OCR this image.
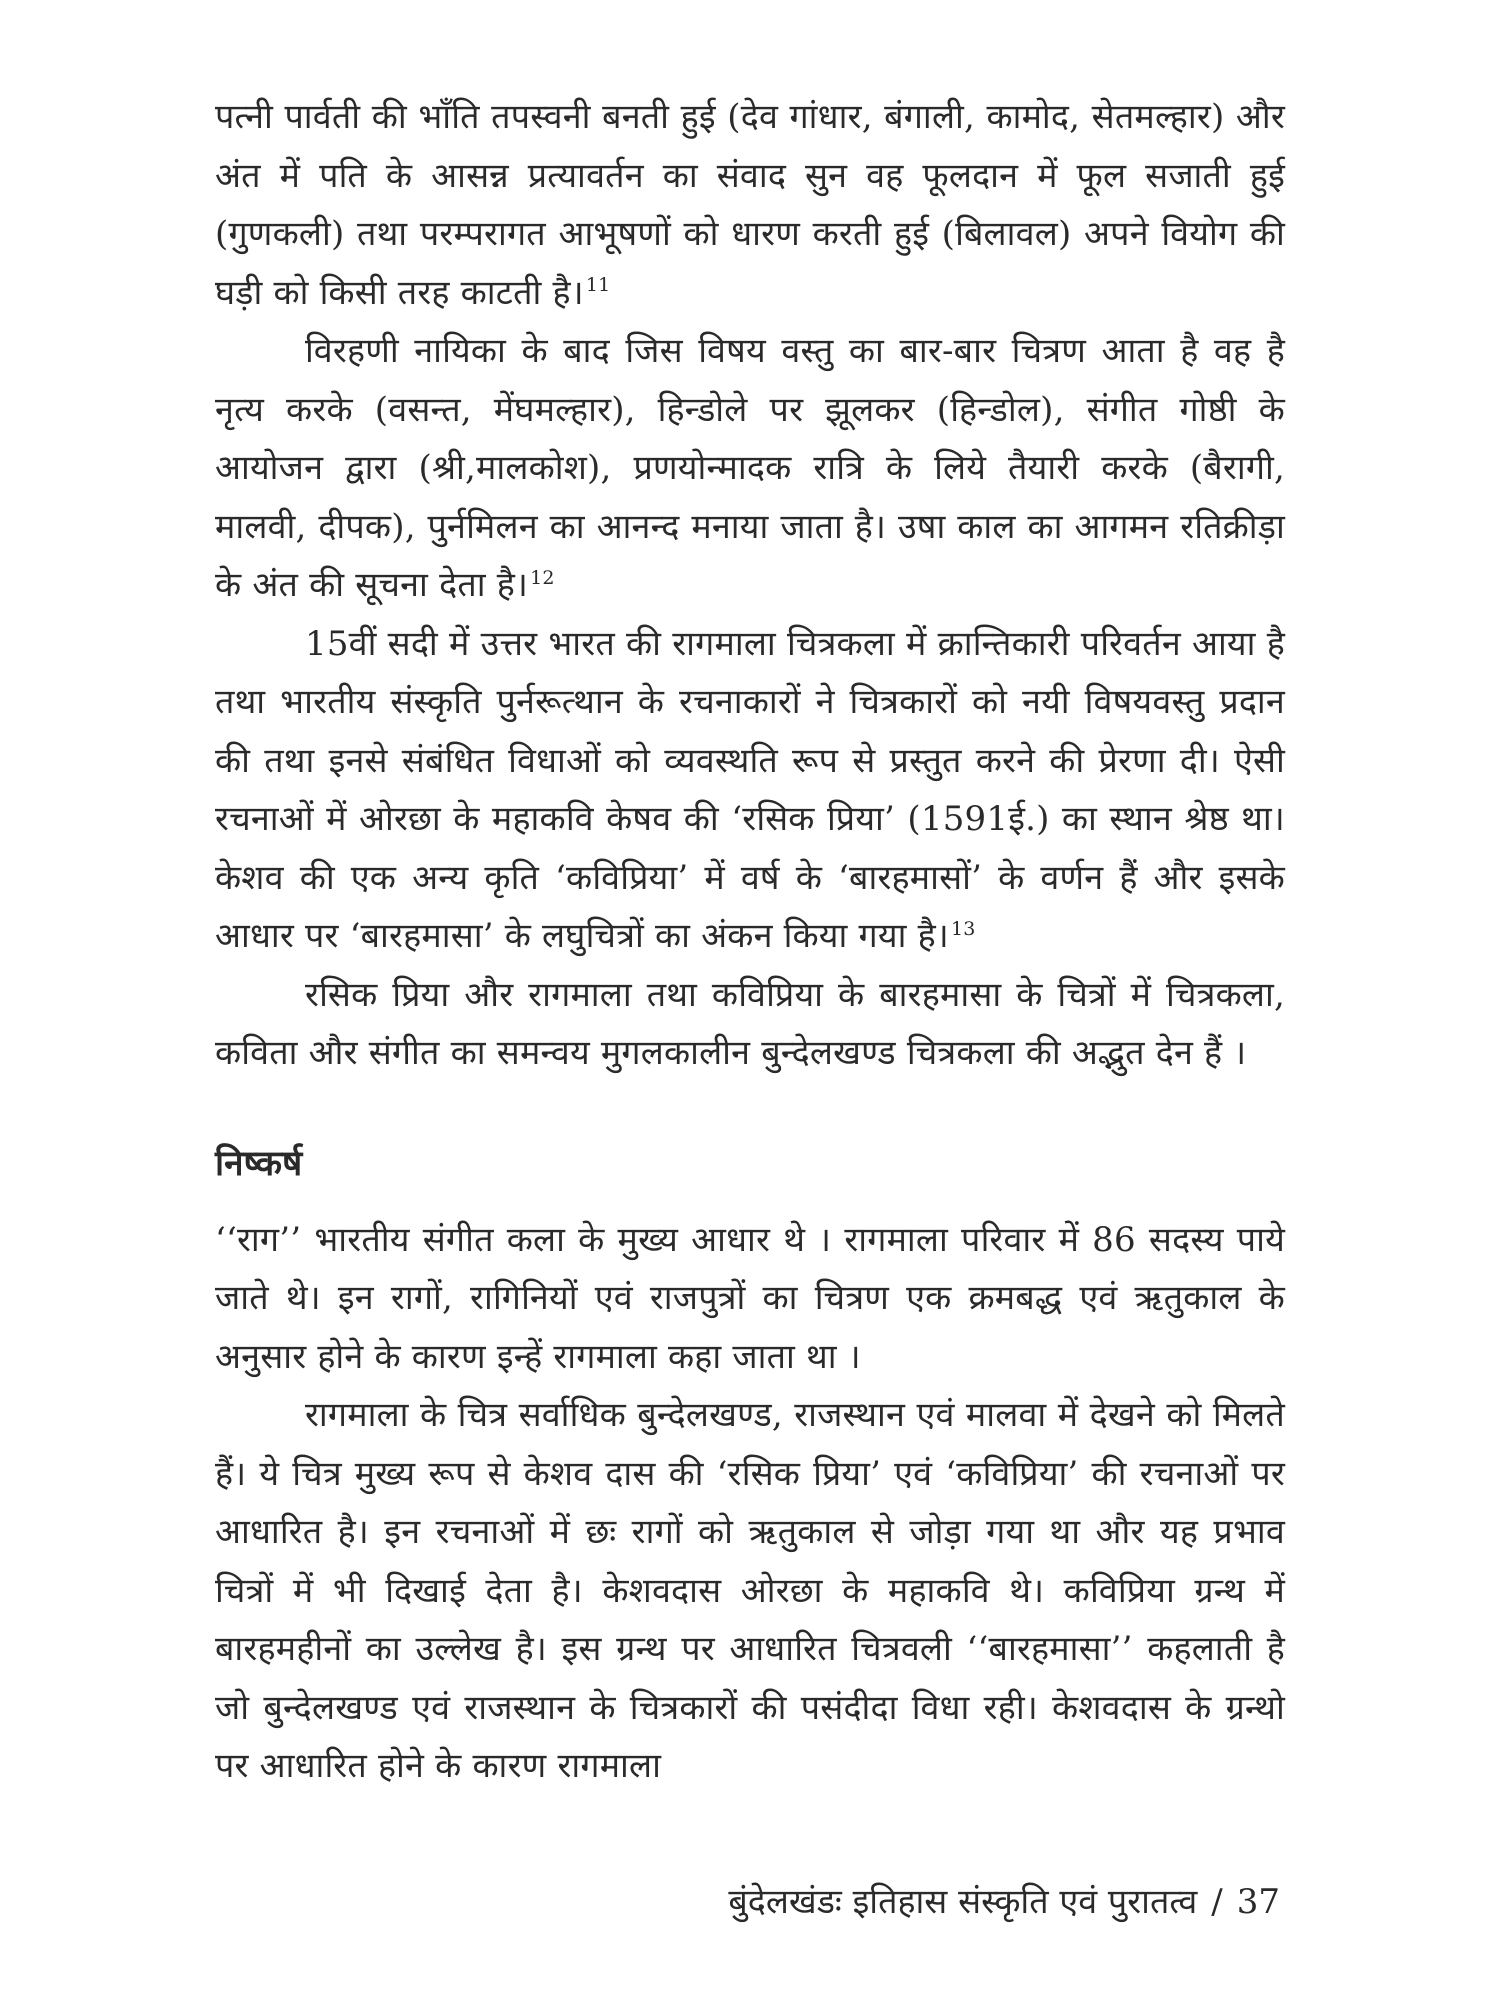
पत्नी पार्वती की भाँति तपस्वनी बनती हुई (देव गांधार, बंगाली, कामोद, सेतमल्हार) और अंत में पति के आसन्न प्रत्यावर्तन का संवाद सुन वह फूलदान में फूल सजाती हुई (गुणकली) तथा परम्परागत आभूषणों को धारण करती हुई (बिलावल) अपने वियोग की घड़ी को किसी तरह काटती है। $^{11}$

विरहणी नायिका के बाद जिस विषय वस्तु का बार-बार चित्रण आता है वह है नृत्य करके (वसन्त, मेंघमल्हार), हिन्डोले पर झूलकर (हिन्डोल), संगीत गोष्ठी के आयोजन द्वारा (श्री,मालकोश), प्रणयोन्मादक रात्रि के लिये तैयारी करके (बैरागी, मालवी, दीपक), पुर्नमिलन का आनन्द मनाया जाता है। उषा काल का आगमन रतिक्रीड़ा के अंत की सूचना देता है। $^{12}$

15वीं सदी में उत्तर भारत की रागमाला चित्रकला में क्रान्तिकारी परिवर्तन आया है तथा भारतीय संस्कृति पुर्नरूत्थान के रचनाकारों ने चित्रकारों को नयी विषयवस्तु प्रदान की तथा इनसे संबंधित विधाओं को व्यवस्थति रूप से प्रस्तुत करने की प्रेरणा दी। ऐसी रचनाओं में ओरछा के महाकवि केषव की ‘रसिक प्रिया’ (1591ई.) का स्थान श्रेष्ठ था। केशव की एक अन्य कृति ‘कविप्रिया’ में वर्ष के ‘बारहमासों’ के वर्णन हैं और इसके आधार पर ‘बारहमासा’ के लघुचित्रों का अंकन किया गया है। $^{13}$

रसिक प्रिया और रागमाला तथा कविप्रिया के बारहमासा के चित्रों में चित्रकला, कविता और संगीत का समन्वय मुगलकालीन बुन्देलखण्ड चित्रकला की अद्भुत देन हैं ।

निष्कर्ष

‘‘राग’’ भारतीय संगीत कला के मुख्य आधार थे । रागमाला परिवार में 86 सदस्य पाये जाते थे। इन रागों, रागिनियों एवं राजपुत्रों का चित्रण एक क्रमबद्ध एवं ऋतुकाल के अनुसार होने के कारण इन्हें रागमाला कहा जाता था ।

रागमाला के चित्र सर्वाधिक बुन्देलखण्ड, राजस्थान एवं मालवा में देखने को मिलते हैं। ये चित्र मुख्य रूप से केशव दास की ‘रसिक प्रिया’ एवं ‘कविप्रिया’ की रचनाओं पर आधारित है। इन रचनाओं में छः रागों को ऋतुकाल से जोड़ा गया था और यह प्रभाव चित्रों में भी दिखाई देता है। केशवदास ओरछा के महाकवि थे। कविप्रिया ग्रन्थ में बारहमहीनों का उल्लेख है। इस ग्रन्थ पर आधारित चित्रवली ‘‘बारहमासा’’ कहलाती है जो बुन्देलखण्ड एवं राजस्थान के चित्रकारों की पसंदीदा विधा रही। केशवदास के ग्रन्थो पर आधारित होने के कारण रागमाला

बुंदेलखंडः इतिहास संस्कृति एवं पुरातत्व / 37
